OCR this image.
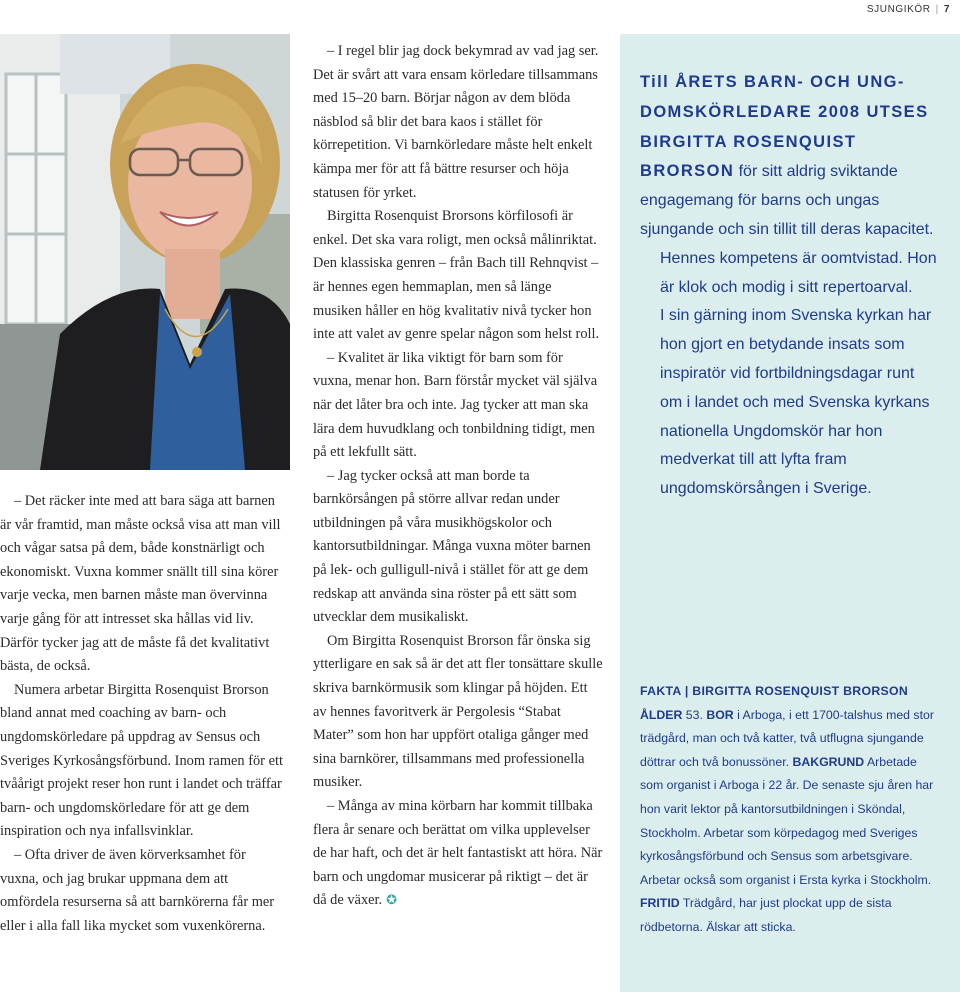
SJUNGIKÖR | 7

– Det räcker inte med att bara säga att barnen är vår framtid, man måste också visa att man vill och vågar satsa på dem, både konstnärligt och ekonomiskt. Vuxna kommer snällt till sina körer varje vecka, men barnen måste man övervinna varje gång för att intresset ska hållas vid liv. Därför tycker jag att de måste få det kvalitativt bästa, de också.

Numera arbetar Birgitta Rosenquist Brorson bland annat med coaching av barn- och ungdomskörledare på uppdrag av Sensus och Sveriges Kyrkosångsförbund. Inom ramen för ett tvåårigt projekt reser hon runt i landet och träffar barn- och ungdomskörledare för att ge dem inspiration och nya infallsvinklar.

– Ofta driver de även körverksamhet för vuxna, och jag brukar uppmana dem att omfördela resurserna så att barnkörerna får mer eller i alla fall lika mycket som vuxenkörerna.

– I regel blir jag dock bekymrad av vad jag ser. Det är svårt att vara ensam körledare tillsammans med 15–20 barn. Börjar någon av dem blöda näsblod så blir det bara kaos i stället för körrepetition. Vi barnkörledare måste helt enkelt kämpa mer för att få bättre resurser och höja statusen för yrket.

Birgitta Rosenquist Brorsons körfilosofi är enkel. Det ska vara roligt, men också målinriktat. Den klassiska genren – från Bach till Rehnqvist – är hennes egen hemmaplan, men så länge musiken håller en hög kvalitativ nivå tycker hon inte att valet av genre spelar någon som helst roll.

– Kvalitet är lika viktigt för barn som för vuxna, menar hon. Barn förstår mycket väl själva när det låter bra och inte. Jag tycker att man ska lära dem huvudklang och tonbildning tidigt, men på ett lekfullt sätt.

– Jag tycker också att man borde ta barnkörsången på större allvar redan under utbildningen på våra musikhögskolor och kantorsutbildningar. Många vuxna möter barnen på lek- och gulligull-nivå i stället för att ge dem redskap att använda sina röster på ett sätt som utvecklar dem musikaliskt.

Om Birgitta Rosenquist Brorson får önska sig ytterligare en sak så är det att fler tonsättare skulle skriva barnkörmusik som klingar på höjden. Ett av hennes favoritverk är Pergolesis “Stabat Mater” som hon har uppfört otaliga gånger med sina barnkörer, tillsammans med professionella musiker.

– Många av mina körbarn har kommit tillbaka flera år senare och berättat om vilka upplevelser de har haft, och det är helt fantastiskt att höra. När barn och ungdomar musicerar på riktigt – det är då de växer. ✪

Till ÅRETS BARN- OCH UNG-DOMSKÖRLEDARE 2008 UTSES BIRGITTA ROSENQUIST BRORSON för sitt aldrig sviktande engagemang för barns och ungas sjungande och sin tillit till deras kapacitet.

Hennes kompetens är oomtvistad. Hon är klok och modig i sitt repertoarval.

I sin gärning inom Svenska kyrkan har hon gjort en betydande insats som inspiratör vid fortbildningsdagar runt om i landet och med Svenska kyrkans nationella Ungdomskör har hon medverkat till att lyfta fram ungdomskörsången i Sverige.

FAKTA | BIRGITTA ROSENQUIST BRORSON
ÅLDER 53. BOR i Arboga, i ett 1700-talshus med stor trädgård, man och två katter, två utflugna sjungande döttrar och två bonussöner. BAKGRUND Arbetade som organist i Arboga i 22 år. De senaste sju åren har hon varit lektor på kantorsutbildningen i Sköndal, Stockholm. Arbetar som körpedagog med Sveriges kyrkosångsförbund och Sensus som arbetsgivare. Arbetar också som organist i Ersta kyrka i Stockholm. FRITID Trädgård, har just plockat upp de sista rödbetorna. Älskar att sticka.
